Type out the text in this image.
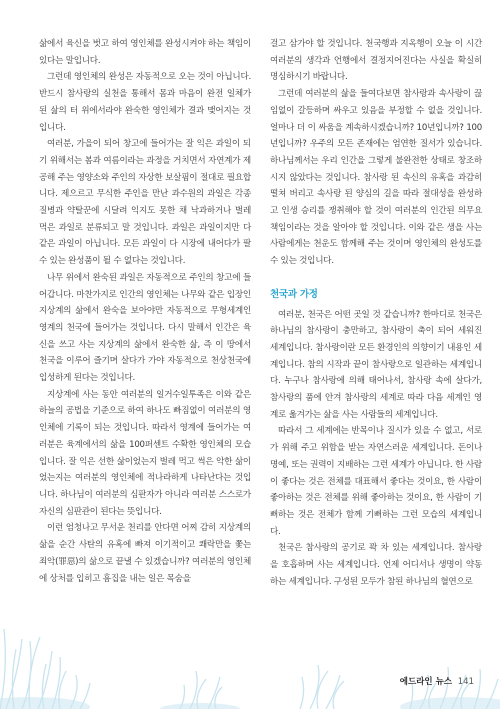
삶에서 육신을 벗고 하여 영인체를 완성시켜야 하는 책임이 있다는 말입니다.

그런데 영인체의 완성은 자동적으로 오는 것이 아닙니다. 반드시 참사랑의 실천을 통해서 몸과 마음이 완전 일체가 된 삶의 터 위에서라야 완숙한 영인체가 결과 맺어지는 것입니다.

여러분, 가을이 되어 창고에 들어가는 잘 익은 과일이 되기 위해서는 봄과 여름이라는 과정을 거치면서 자연계가 제공해 주는 영양소와 주인의 자상한 보살핌이 절대로 필요합니다. 제으르고 무식한 주인을 만난 과수원의 과일은 각종 질병과 약탈꾼에 시달려 익지도 못한 채 낙과하거나 벌레 먹은 과일로 분류되고 말 것입니다. 과일은 과일이지만 다 같은 과일이 아닙니다. 모든 과일이 다 시장에 내어다가 팔 수 있는 완성품이 될 수 없다는 것입니다.

나무 위에서 완숙된 과일은 자동적으로 주인의 창고에 들어갑니다. 마찬가지로 인간의 영인체는 나무와 같은 입장인 지상계의 삶에서 완숙을 보아야만 자동적으로 무형세계인 영계의 천국에 들어가는 것입니다. 다시 말해서 인간은 육신을 쓰고 사는 지상계의 삶에서 완숙한 삶, 즉 이 땅에서 천국을 이루어 즐기며 살다가 가야 자동적으로 천상천국에 입성하게 된다는 것입니다.

지상계에 사는 동안 여러분의 일거수일투족은 이와 같은 하늘의 공법을 기준으로 하여 하나도 빠짐없이 여러분의 영인체에 기록이 되는 것입니다. 따라서 영계에 들어가는 여러분은 육계에서의 삶을 100퍼센트 수확한 영인체의 모습입니다. 잘 익은 선한 삶이었는지 벌레 먹고 썩은 악한 삶이었는지는 여러분의 영인체에 적나라하게 나타난다는 것입니다. 하나님이 여러분의 심판자가 아니라 여러분 스스로가 자신의 심판관이 된다는 뜻입니다.

이런 엄청나고 무서운 천리를 안다면 어찌 감히 지상계의 삶을 순간 사탄의 유혹에 빠져 이기적이고 쾌락만을 쫓는 죄악(罪惡)의 삶으로 끝낼 수 있겠습니까? 여러분의 영인체에 상처를 입히고 흠집을 내는 일은 목숨을

걸고 삼가야 할 것입니다. 천국행과 지옥행이 오늘 이 시간 여러분의 생각과 언행에서 결정지어진다는 사실을 확실히 명심하시기 바랍니다.

그런데 여러분의 삶을 들여다보면 참사랑과 속사랑이 끊임없이 갈등하며 싸우고 있음을 부정할 수 없을 것입니다. 얼마나 더 이 싸움을 계속하시겠습니까? 10년입니까? 100년입니까? 우주의 모든 존재에는 엄연한 질서가 있습니다. 하나님께서는 우리 인간을 그렇게 불완전한 상태로 창조하시지 않았다는 것입니다. 참사랑 된 속신의 유혹을 과감히 떨쳐 버리고 속사랑 된 양심의 길을 따라 절대성을 완성하고 인생 승리를 쟁취해야 할 것이 여러분의 인간된 의무요 책임이라는 것을 알아야 할 것입니다. 이와 같은 생을 사는 사람에게는 천운도 함께해 주는 것이며 영인체의 완성도를 수 있는 것입니다.

천국과 가정

여러분, 천국은 어떤 곳일 것 같습니까? 한마디로 천국은 하나님의 참사랑이 충만하고, 참사랑이 축이 되어 세워진 세계입니다. 참사랑이란 모든 환경인의 의향이기 내용인 세계입니다. 참의 시작과 끝이 참사랑으로 일관하는 세계입니다. 누구나 참사랑에 의해 태어나서, 참사랑 속에 살다가, 참사랑의 품에 안겨 참사랑의 세계로 따라 다음 세계인 영계로 옮겨가는 삶을 사는 사람들의 세계입니다.

따라서 그 세계에는 반목이나 질시가 있을 수 없고, 서로가 위해 주고 위함을 받는 자연스러운 세계입니다. 돈이나 명예, 또는 권력이 지배하는 그런 세계가 아닙니다. 한 사람이 좋다는 것은 전체를 대표해서 좋다는 것이요, 한 사람이 좋아하는 것은 전체를 위해 좋아하는 것이요, 한 사람이 기뻐하는 것은 전체가 함께 기뻐하는 그런 모습의 세계입니다.

천국은 참사랑의 공기로 꽉 차 있는 세계입니다. 참사랑을 호흡하며 사는 세계입니다. 언제 어디서나 생명이 약동하는 세계입니다. 구성된 모두가 참된 하나님의 혈연으로

에드라인 뉴스 141
